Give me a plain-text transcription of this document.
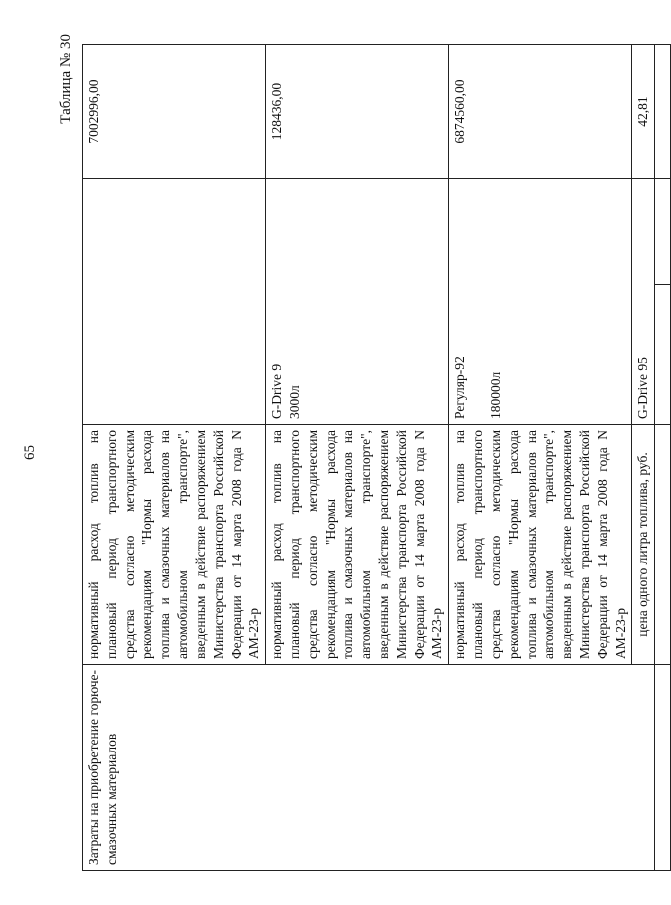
65
Таблица № 30
Затраты на приобретение горюче-смазочных материалов	нормативный расход топлив на плановый период транспортного средства согласно методическим рекомендациям "Нормы расхода топлива и смазочных материалов на автомобильном транспорте", введенным в действие распоряжением Министерства транспорта Российской Федерации от 14 марта 2008 года N АМ-23-р			7002996,00
	нормативный расход топлив на плановый период транспортного средства согласно методическим рекомендациям "Нормы расхода топлива и смазочных материалов на автомобильном транспорте", введенным в действие распоряжением Министерства транспорта Российской Федерации от 14 марта 2008 года N АМ-23-р	G-Drive 9 3000л		128436,00
	нормативный расход топлив на плановый период транспортного средства согласно методическим рекомендациям "Нормы расхода топлива и смазочных материалов на автомобильном транспорте", введенным в действие распоряжением Министерства транспорта Российской Федерации от 14 марта 2008 года N АМ-23-р	Регуляр-92 180000л		6874560,00
	цена одного литра топлива, руб.	G-Drive 95		42,81
